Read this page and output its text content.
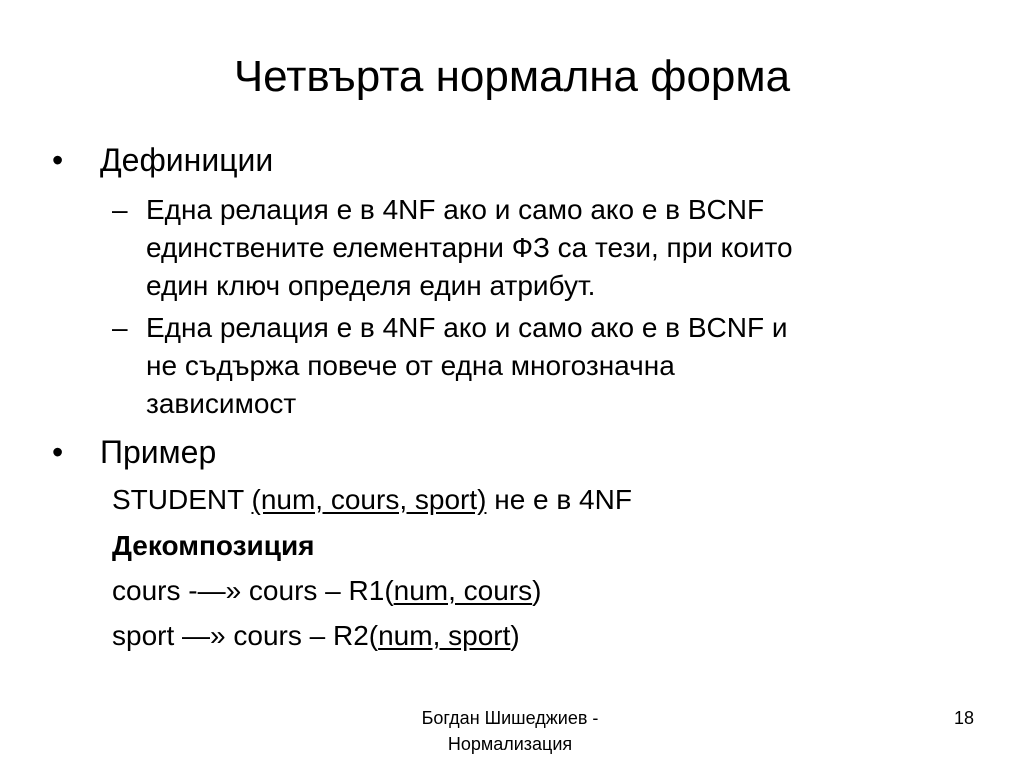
Четвърта нормална форма
• Дефиниции
– Една релация е в 4NF ако и само ако е в BCNF
единствените елементарни ФЗ са тези, при които
един ключ определя един атрибут.
– Една релация е в 4NF ако и само ако е в BCNF и
не съдържа повече от една многозначна
зависимост
• Пример
STUDENT (num, cours, sport) не е в 4NF
Декомпозиция
cours -—» cours – R1(num, cours)
sport —» cours – R2(num, sport)
Богдан Шишеджиев -
Нормализация
18
